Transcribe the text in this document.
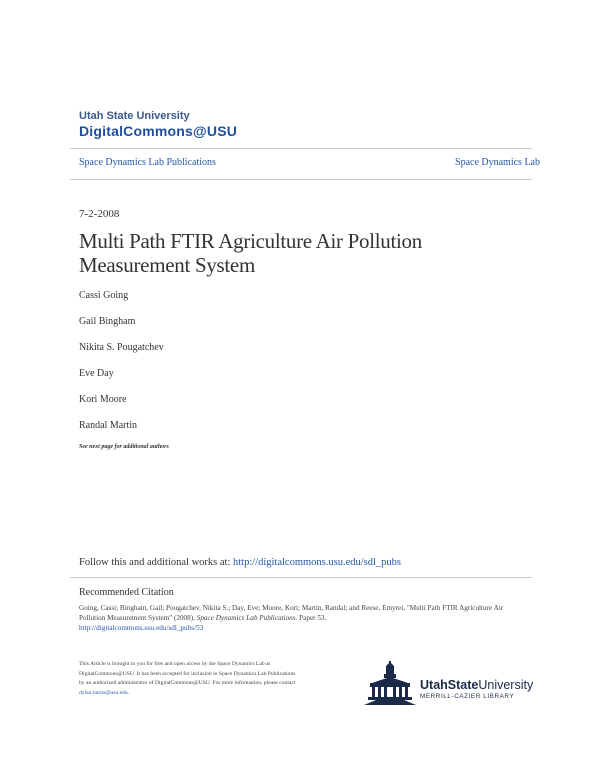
Utah State University
DigitalCommons@USU
Space Dynamics Lab Publications	Space Dynamics Lab
7-2-2008
Multi Path FTIR Agriculture Air Pollution Measurement System
Cassi Going
Gail Bingham
Nikita S. Pougatchev
Eve Day
Kori Moore
Randal Martin
See next page for additional authors
Follow this and additional works at: http://digitalcommons.usu.edu/sdl_pubs
Recommended Citation
Going, Cassi; Bingham, Gail; Pougatchev, Nikita S.; Day, Eve; Moore, Kori; Martin, Randal; and Reese, Emyrei, "Multi Path FTIR Agriculture Air Pollution Measurement System" (2008). Space Dynamics Lab Publications. Paper 53.
http://digitalcommons.usu.edu/sdl_pubs/53
This Article is brought to you for free and open access by the Space Dynamics Lab at DigitalCommons@USU. It has been accepted for inclusion in Space Dynamics Lab Publications by an authorized administrator of DigitalCommons@USU. For more information, please contact dylan.burns@usu.edu.
UtahStateUniversity
MERRILL-CAZIER LIBRARY
